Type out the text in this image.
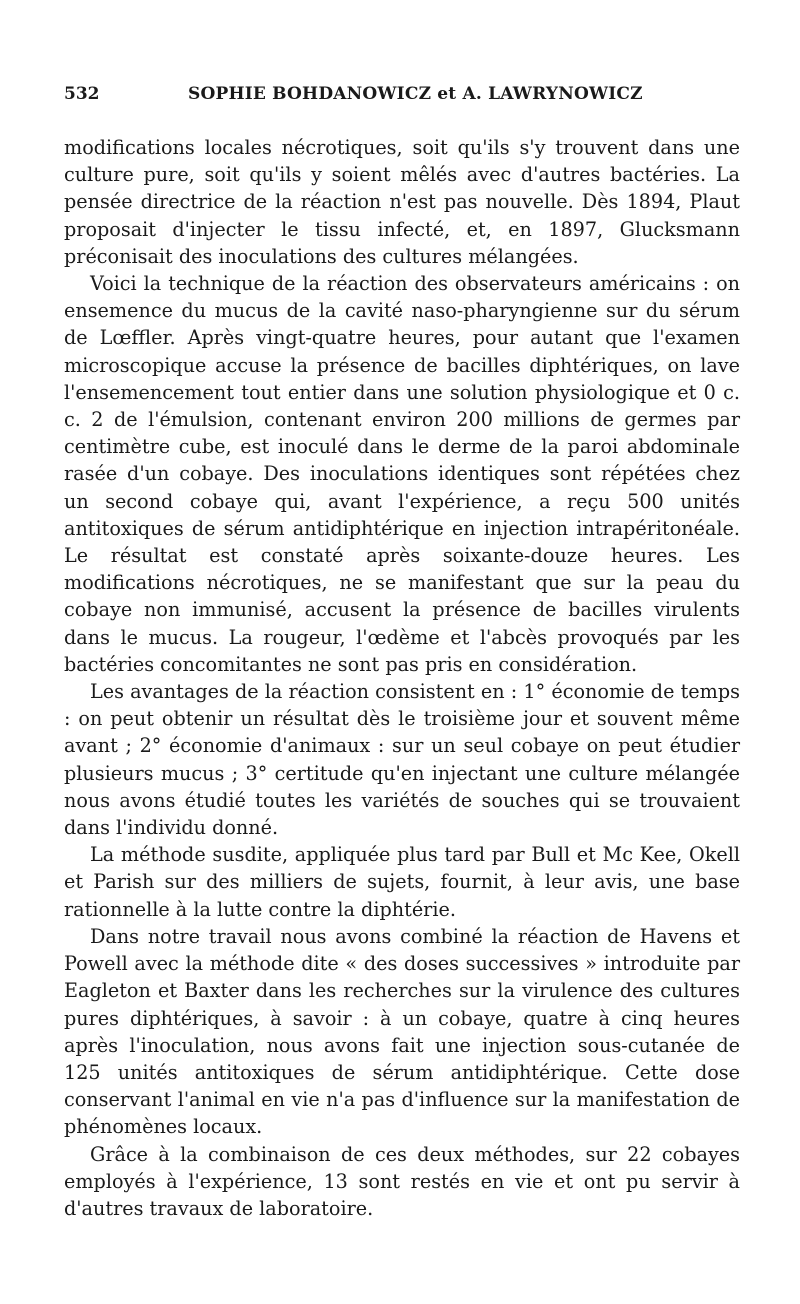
532	SOPHIE BOHDANOWICZ et A. LAWRYNOWICZ

modifications locales nécrotiques, soit qu'ils s'y trouvent dans une culture pure, soit qu'ils y soient mêlés avec d'autres bactéries. La pensée directrice de la réaction n'est pas nouvelle. Dès 1894, Plaut proposait d'injecter le tissu infecté, et, en 1897, Glucksmann préconisait des inoculations des cultures mélangées.

Voici la technique de la réaction des observateurs américains : on ensemence du mucus de la cavité naso-pharyngienne sur du sérum de Lœffler. Après vingt-quatre heures, pour autant que l'examen microscopique accuse la présence de bacilles diphtériques, on lave l'ensemencement tout entier dans une solution physiologique et 0 c. c. 2 de l'émulsion, contenant environ 200 millions de germes par centimètre cube, est inoculé dans le derme de la paroi abdominale rasée d'un cobaye. Des inoculations identiques sont répétées chez un second cobaye qui, avant l'expérience, a reçu 500 unités antitoxiques de sérum antidiphtérique en injection intrapéritonéale. Le résultat est constaté après soixante-douze heures. Les modifications nécrotiques, ne se manifestant que sur la peau du cobaye non immunisé, accusent la présence de bacilles virulents dans le mucus. La rougeur, l'œdème et l'abcès provoqués par les bactéries concomitantes ne sont pas pris en considération.

Les avantages de la réaction consistent en : 1° économie de temps : on peut obtenir un résultat dès le troisième jour et souvent même avant ; 2° économie d'animaux : sur un seul cobaye on peut étudier plusieurs mucus ; 3° certitude qu'en injectant une culture mélangée nous avons étudié toutes les variétés de souches qui se trouvaient dans l'individu donné.

La méthode susdite, appliquée plus tard par Bull et Mc Kee, Okell et Parish sur des milliers de sujets, fournit, à leur avis, une base rationnelle à la lutte contre la diphtérie.

Dans notre travail nous avons combiné la réaction de Havens et Powell avec la méthode dite « des doses successives » introduite par Eagleton et Baxter dans les recherches sur la virulence des cultures pures diphtériques, à savoir : à un cobaye, quatre à cinq heures après l'inoculation, nous avons fait une injection sous-cutanée de 125 unités antitoxiques de sérum antidiphtérique. Cette dose conservant l'animal en vie n'a pas d'influence sur la manifestation de phénomènes locaux.

Grâce à la combinaison de ces deux méthodes, sur 22 cobayes employés à l'expérience, 13 sont restés en vie et ont pu servir à d'autres travaux de laboratoire.
